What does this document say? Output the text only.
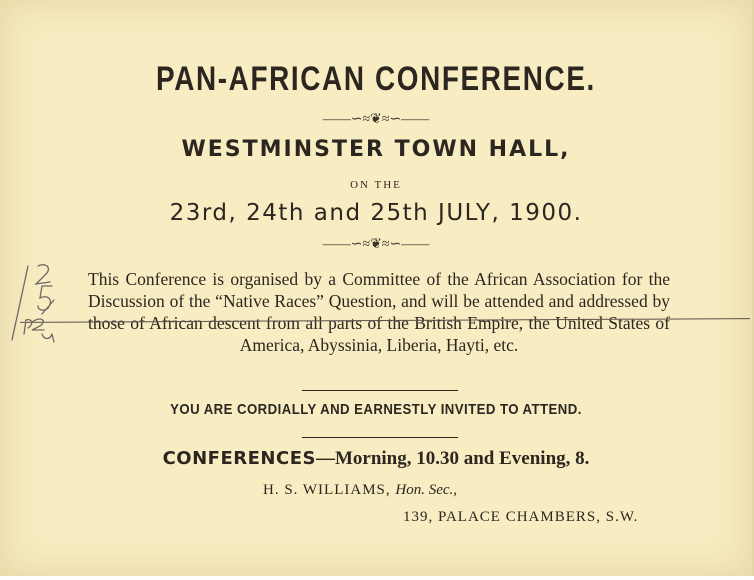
PAN-AFRICAN CONFERENCE.
——∽≈❦≈∽——
WESTMINSTER TOWN HALL,
ON THE
23rd, 24th and 25th JULY, 1900.
——∽≈❦≈∽——
This Conference is organised by a Committee of the African Association for the Discussion of the “Native Races” Question, and will be attended and addressed by those of African descent from all parts of the British Empire, the United States of America, Abyssinia, Liberia, Hayti, etc.
YOU ARE CORDIALLY AND EARNESTLY INVITED TO ATTEND.
CONFERENCES—Morning, 10.30 and Evening, 8.
H. S. WILLIAMS, Hon. Sec.,
139, PALACE CHAMBERS, S.W.
